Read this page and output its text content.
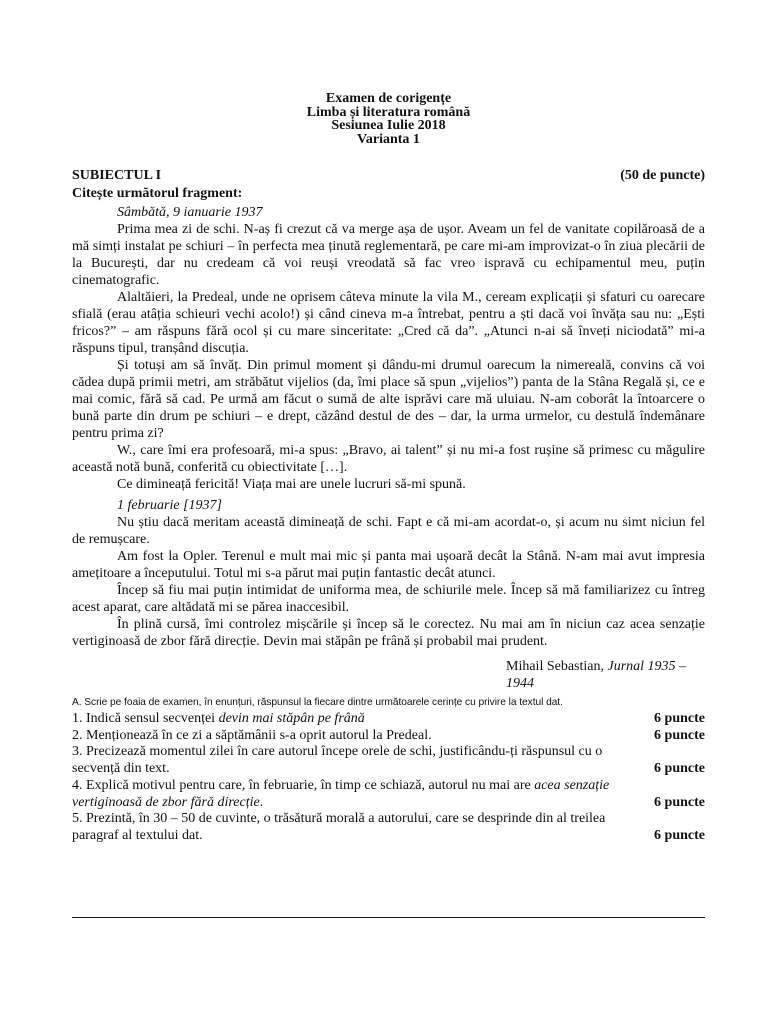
Examen de corigențe
Limba și literatura română
Sesiunea Iulie 2018
Varianta 1
SUBIECTUL I	(50 de puncte)
Citește următorul fragment:

Sâmbătă, 9 ianuarie 1937

Prima mea zi de schi. N-aș fi crezut că va merge așa de ușor. Aveam un fel de vanitate copilăroasă de a mă simți instalat pe schiuri – în perfecta mea ținută reglementară, pe care mi-am improvizat-o în ziua plecării de la București, dar nu credeam că voi reuși vreodată să fac vreo ispravă cu echipamentul meu, puțin cinematografic.

Alaltăieri, la Predeal, unde ne oprisem câteva minute la vila M., ceream explicații și sfaturi cu oarecare sfială (erau atâția schieuri vechi acolo!) și când cineva m-a întrebat, pentru a ști dacă voi învăța sau nu: „Ești fricos?” – am răspuns fără ocol și cu mare sinceritate: „Cred că da”. „Atunci n-ai să înveți niciodată” mi-a răspuns tipul, tranșând discuția.

Și totuși am să învăț. Din primul moment și dându-mi drumul oarecum la nimereală, convins că voi cădea după primii metri, am străbătut vijelios (da, îmi place să spun „vijelios”) panta de la Stâna Regală și, ce e mai comic, fără să cad. Pe urmă am făcut o sumă de alte isprăvi care mă uluiau. N-am coborât la întoarcere o bună parte din drum pe schiuri – e drept, căzând destul de des – dar, la urma urmelor, cu destulă îndemânare pentru prima zi?

W., care îmi era profesoară, mi-a spus: „Bravo, ai talent” și nu mi-a fost rușine să primesc cu măgulire această notă bună, conferită cu obiectivitate […].

Ce dimineață fericită! Viața mai are unele lucruri să-mi spună.

1 februarie [1937]

Nu știu dacă meritam această dimineață de schi. Fapt e că mi-am acordat-o, și acum nu simt niciun fel de remușcare.

Am fost la Opler. Terenul e mult mai mic și panta mai ușoară decât la Stână. N-am mai avut impresia amețitoare a începutului. Totul mi s-a părut mai puțin fantastic decât atunci.

Încep să fiu mai puțin intimidat de uniforma mea, de schiurile mele. Încep să mă familiarizez cu întreg acest aparat, care altădată mi se părea inaccesibil.

În plină cursă, îmi controlez mișcările și încep să le corectez. Nu mai am în niciun caz acea senzație vertiginoasă de zbor fără direcție. Devin mai stăpân pe frână și probabil mai prudent.

Mihail Sebastian, Jurnal 1935 – 1944

A. Scrie pe foaia de examen, în enunțuri, răspunsul la fiecare dintre următoarele cerințe cu privire la textul dat.
1. Indică sensul secvenței devin mai stăpân pe frână	6 puncte
2. Menționează în ce zi a săptămânii s-a oprit autorul la Predeal.	6 puncte
3. Precizează momentul zilei în care autorul începe orele de schi, justificându-ți răspunsul cu o secvență din text.	6 puncte
4. Explică motivul pentru care, în februarie, în timp ce schiază, autorul nu mai are acea senzație vertiginoasă de zbor fără direcție.	6 puncte
5. Prezintă, în 30 – 50 de cuvinte, o trăsătură morală a autorului, care se desprinde din al treilea paragraf al textului dat.	6 puncte
